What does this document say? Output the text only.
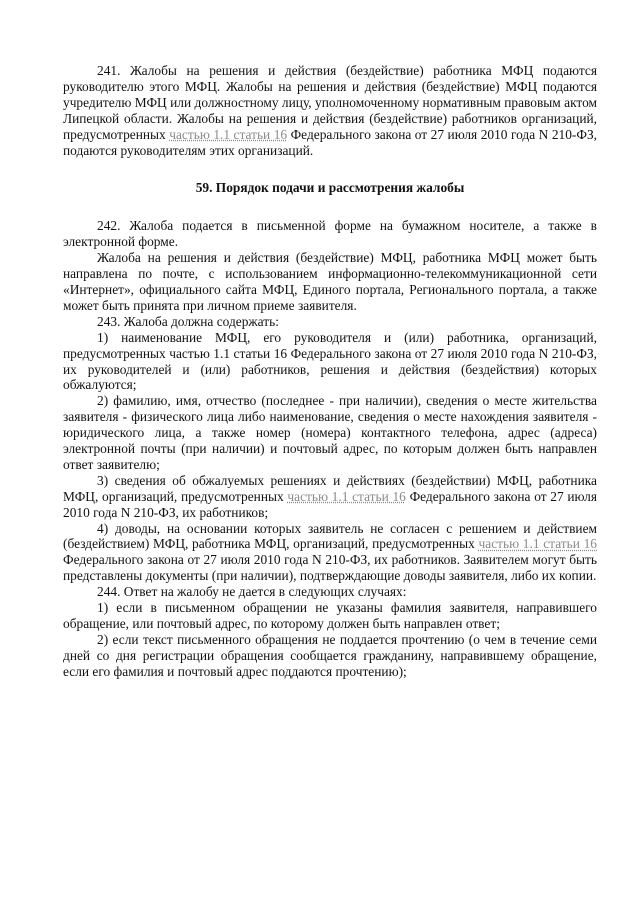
241. Жалобы на решения и действия (бездействие) работника МФЦ подаются руководителю этого МФЦ. Жалобы на решения и действия (бездействие) МФЦ подаются учредителю МФЦ или должностному лицу, уполномоченному нормативным правовым актом Липецкой области. Жалобы на решения и действия (бездействие) работников организаций, предусмотренных частью 1.1 статьи 16 Федерального закона от 27 июля 2010 года N 210-ФЗ, подаются руководителям этих организаций.

59. Порядок подачи и рассмотрения жалобы

242. Жалоба подается в письменной форме на бумажном носителе, а также в электронной форме.

Жалоба на решения и действия (бездействие) МФЦ, работника МФЦ может быть направлена по почте, с использованием информационно-телекоммуникационной сети «Интернет», официального сайта МФЦ, Единого портала, Регионального портала, а также может быть принята при личном приеме заявителя.

243. Жалоба должна содержать:

1) наименование МФЦ, его руководителя и (или) работника, организаций, предусмотренных частью 1.1 статьи 16 Федерального закона от 27 июля 2010 года N 210-ФЗ, их руководителей и (или) работников, решения и действия (бездействия) которых обжалуются;

2) фамилию, имя, отчество (последнее - при наличии), сведения о месте жительства заявителя - физического лица либо наименование, сведения о месте нахождения заявителя - юридического лица, а также номер (номера) контактного телефона, адрес (адреса) электронной почты (при наличии) и почтовый адрес, по которым должен быть направлен ответ заявителю;

3) сведения об обжалуемых решениях и действиях (бездействии) МФЦ, работника МФЦ, организаций, предусмотренных частью 1.1 статьи 16 Федерального закона от 27 июля 2010 года N 210-ФЗ, их работников;

4) доводы, на основании которых заявитель не согласен с решением и действием (бездействием) МФЦ, работника МФЦ, организаций, предусмотренных частью 1.1 статьи 16 Федерального закона от 27 июля 2010 года N 210-ФЗ, их работников. Заявителем могут быть представлены документы (при наличии), подтверждающие доводы заявителя, либо их копии.

244. Ответ на жалобу не дается в следующих случаях:

1) если в письменном обращении не указаны фамилия заявителя, направившего обращение, или почтовый адрес, по которому должен быть направлен ответ;

2) если текст письменного обращения не поддается прочтению (о чем в течение семи дней со дня регистрации обращения сообщается гражданину, направившему обращение, если его фамилия и почтовый адрес поддаются прочтению);
